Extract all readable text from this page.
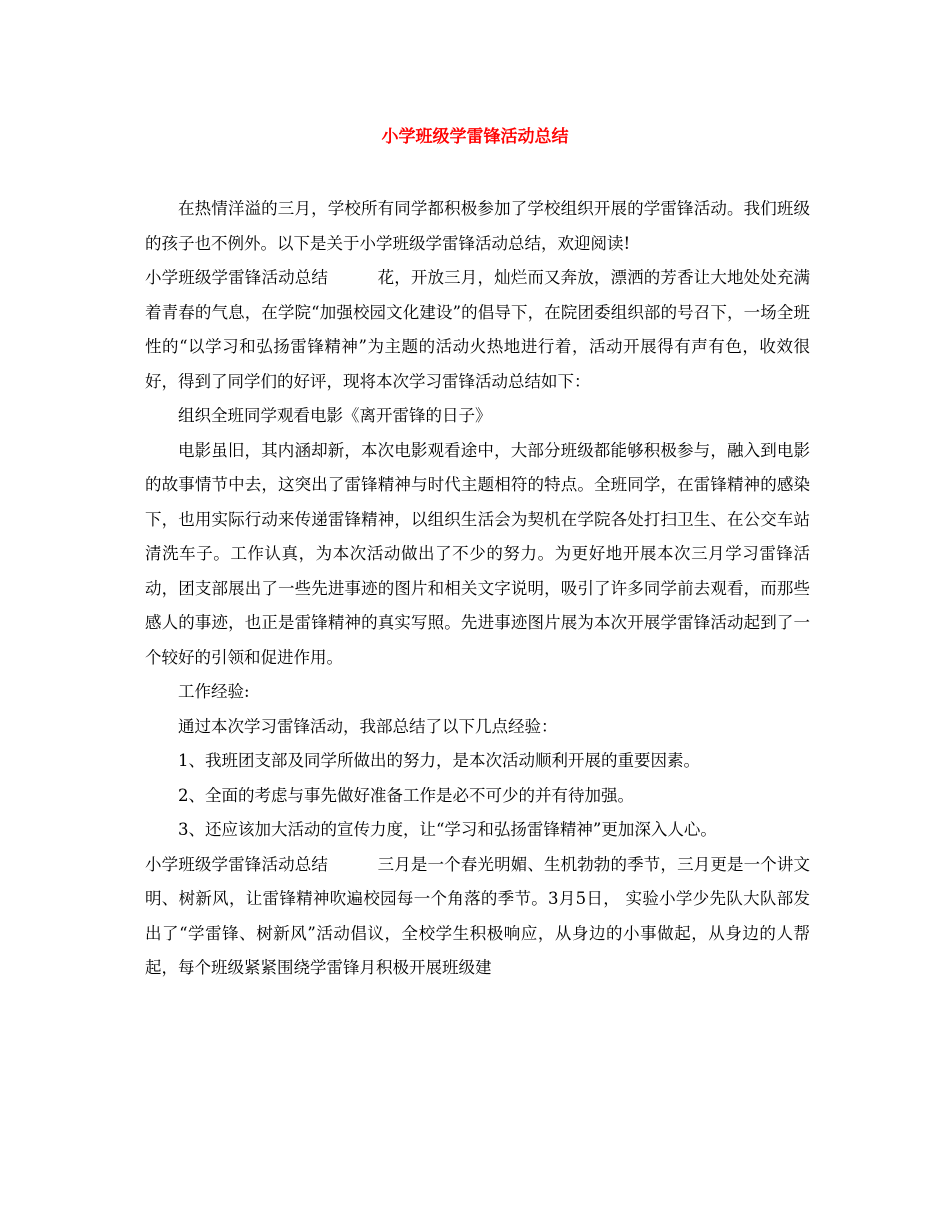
小学班级学雷锋活动总结

在热情洋溢的三月，学校所有同学都积极参加了学校组织开展的学雷锋活动。我们班级的孩子也不例外。以下是关于小学班级学雷锋活动总结，欢迎阅读!

小学班级学雷锋活动总结	花，开放三月，灿烂而又奔放，漂洒的芳香让大地处处充满着青春的气息，在学院“加强校园文化建设”的倡导下，在院团委组织部的号召下，一场全班性的“以学习和弘扬雷锋精神”为主题的活动火热地进行着，活动开展得有声有色，收效很好，得到了同学们的好评，现将本次学习雷锋活动总结如下：

组织全班同学观看电影《离开雷锋的日子》

电影虽旧，其内涵却新，本次电影观看途中，大部分班级都能够积极参与，融入到电影的故事情节中去，这突出了雷锋精神与时代主题相符的特点。全班同学，在雷锋精神的感染下，也用实际行动来传递雷锋精神，以组织生活会为契机在学院各处打扫卫生、在公交车站清洗车子。工作认真，为本次活动做出了不少的努力。为更好地开展本次三月学习雷锋活动，团支部展出了一些先进事迹的图片和相关文字说明，吸引了许多同学前去观看，而那些感人的事迹，也正是雷锋精神的真实写照。先进事迹图片展为本次开展学雷锋活动起到了一个较好的引领和促进作用。

工作经验:

通过本次学习雷锋活动，我部总结了以下几点经验：

1、我班团支部及同学所做出的努力，是本次活动顺利开展的重要因素。

2、全面的考虑与事先做好准备工作是必不可少的并有待加强。

3、还应该加大活动的宣传力度，让“学习和弘扬雷锋精神”更加深入人心。

小学班级学雷锋活动总结	三月是一个春光明媚、生机勃勃的季节，三月更是一个讲文明、树新风，让雷锋精神吹遍校园每一个角落的季节。3月5日， 实验小学少先队大队部发出了“学雷锋、树新风”活动倡议，全校学生积极响应，从身边的小事做起，从身边的人帮起，每个班级紧紧围绕学雷锋月积极开展班级建
